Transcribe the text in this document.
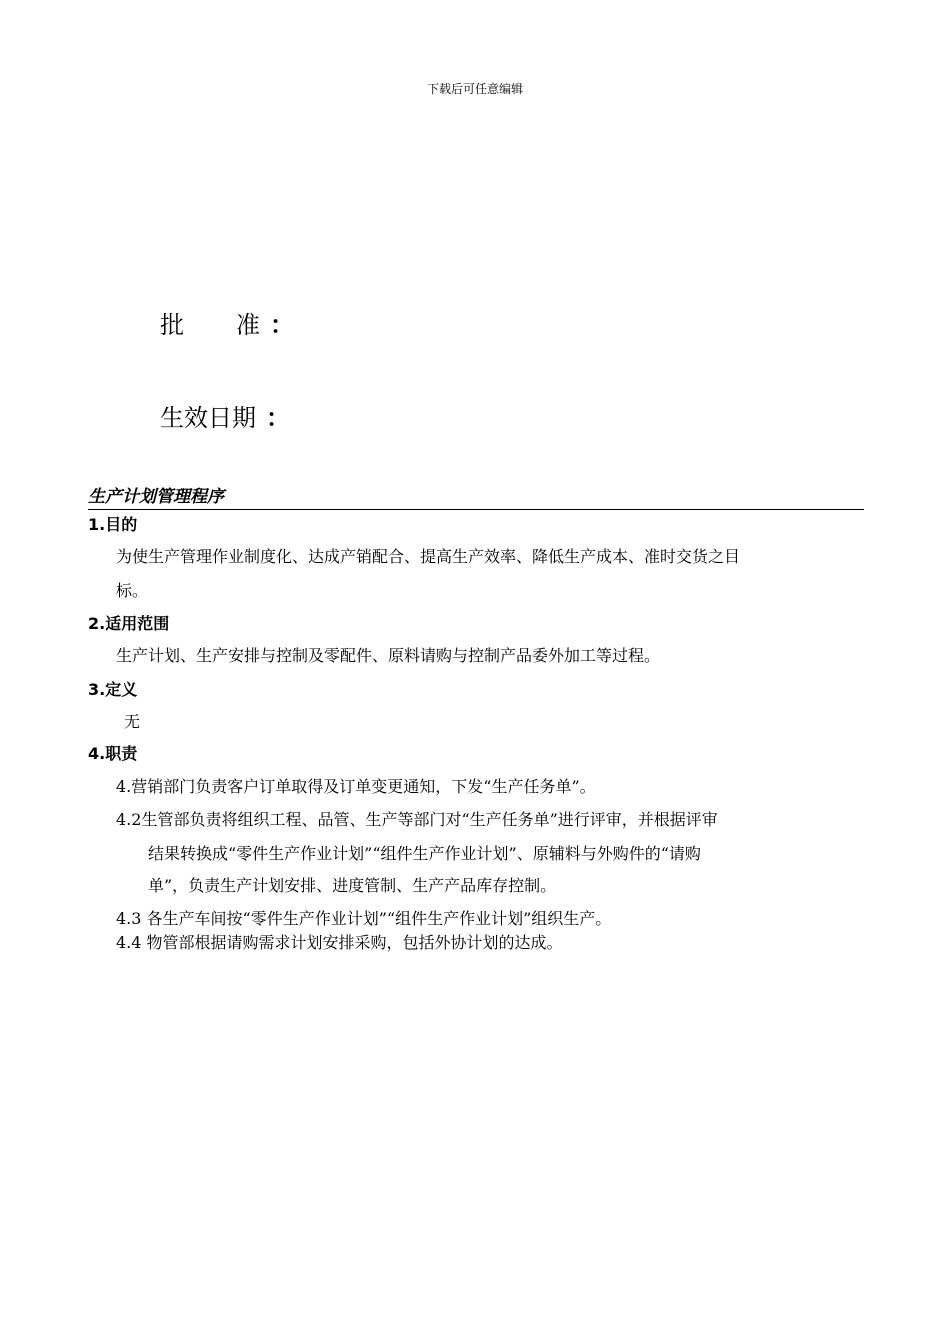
下载后可任意编辑
批 准 ：
生效日期 ：
生产计划管理程序
1.目的
为使生产管理作业制度化、达成产销配合、提高生产效率、降低生产成本、准时交货之目
标。
2.适用范围
生产计划、生产安排与控制及零配件、原料请购与控制产品委外加工等过程。
3.定义
无
4.职责
4.营销部门负责客户订单取得及订单变更通知，下发“生产任务单”。
4.2生管部负责将组织工程、品管、生产等部门对“生产任务单”进行评审，并根据评审
结果转换成“零件生产作业计划”“组件生产作业计划”、原辅料与外购件的“请购
单”，负责生产计划安排、进度管制、生产产品库存控制。
4.3 各生产车间按“零件生产作业计划”“组件生产作业计划”组织生产。
4.4 物管部根据请购需求计划安排采购，包括外协计划的达成。
